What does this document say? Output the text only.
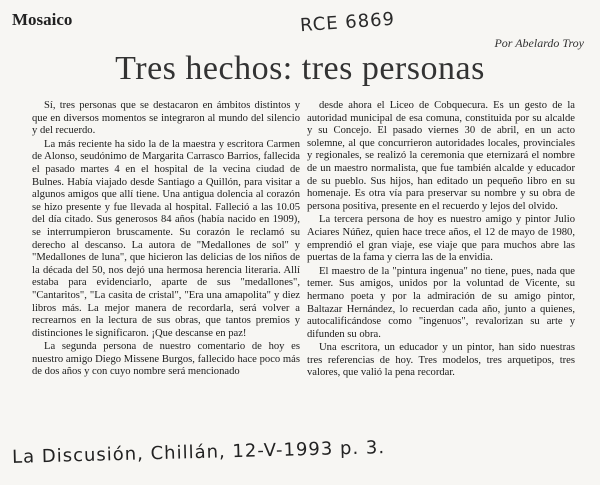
Mosaico	RCE 6869
Por Abelardo Troy
Tres hechos: tres personas

Sí, tres personas que se destacaron en ámbitos distintos y que en diversos momentos se integraron al mundo del silencio y del recuerdo.

La más reciente ha sido la de la maestra y escritora Carmen de Alonso, seudónimo de Margarita Carrasco Barrios, fallecida el pasado martes 4 en el hospital de la vecina ciudad de Bulnes. Había viajado desde Santiago a Quillón, para visitar a algunos amigos que allí tiene. Una antigua dolencia al corazón se hizo presente y fue llevada al hospital. Falleció a las 10.05 del día citado. Sus generosos 84 años (había nacido en 1909), se interrumpieron bruscamente. Su corazón le reclamó su derecho al descanso. La autora de "Medallones de sol" y "Medallones de luna", que hicieron las delicias de los niños de la década del 50, nos dejó una hermosa herencia literaria. Allí estaba para evidenciarlo, aparte de sus "medallones", "Cantaritos", "La casita de cristal", "Era una amapolita" y diez libros más. La mejor manera de recordarla, será volver a recrearnos en la lectura de sus obras, que tantos premios y distinciones le significaron. ¡Que descanse en paz!

La segunda persona de nuestro comentario de hoy es nuestro amigo Diego Missene Burgos, fallecido hace poco más de dos años y con cuyo nombre será mencionado

desde ahora el Liceo de Cobquecura. Es un gesto de la autoridad municipal de esa comuna, constituida por su alcalde y su Concejo. El pasado viernes 30 de abril, en un acto solemne, al que concurrieron autoridades locales, provinciales y regionales, se realizó la ceremonia que eternizará el nombre de un maestro normalista, que fue también alcalde y educador de su pueblo. Sus hijos, han editado un pequeño libro en su homenaje. Es otra vía para preservar su nombre y su obra de persona positiva, presente en el recuerdo y lejos del olvido.

La tercera persona de hoy es nuestro amigo y pintor Julio Aciares Núñez, quien hace trece años, el 12 de mayo de 1980, emprendió el gran viaje, ese viaje que para muchos abre las puertas de la fama y cierra las de la envidia.

El maestro de la "pintura ingenua" no tiene, pues, nada que temer. Sus amigos, unidos por la voluntad de Vicente, su hermano poeta y por la admiración de su amigo pintor, Baltazar Hernández, lo recuerdan cada año, junto a quienes, autocalificándose como "ingenuos", revalorizan su arte y difunden su obra.

Una escritora, un educador y un pintor, han sido nuestras tres referencias de hoy. Tres modelos, tres arquetipos, tres valores, que valió la pena recordar.

La Discusión, Chillán, 12-V-1993 p. 3.
